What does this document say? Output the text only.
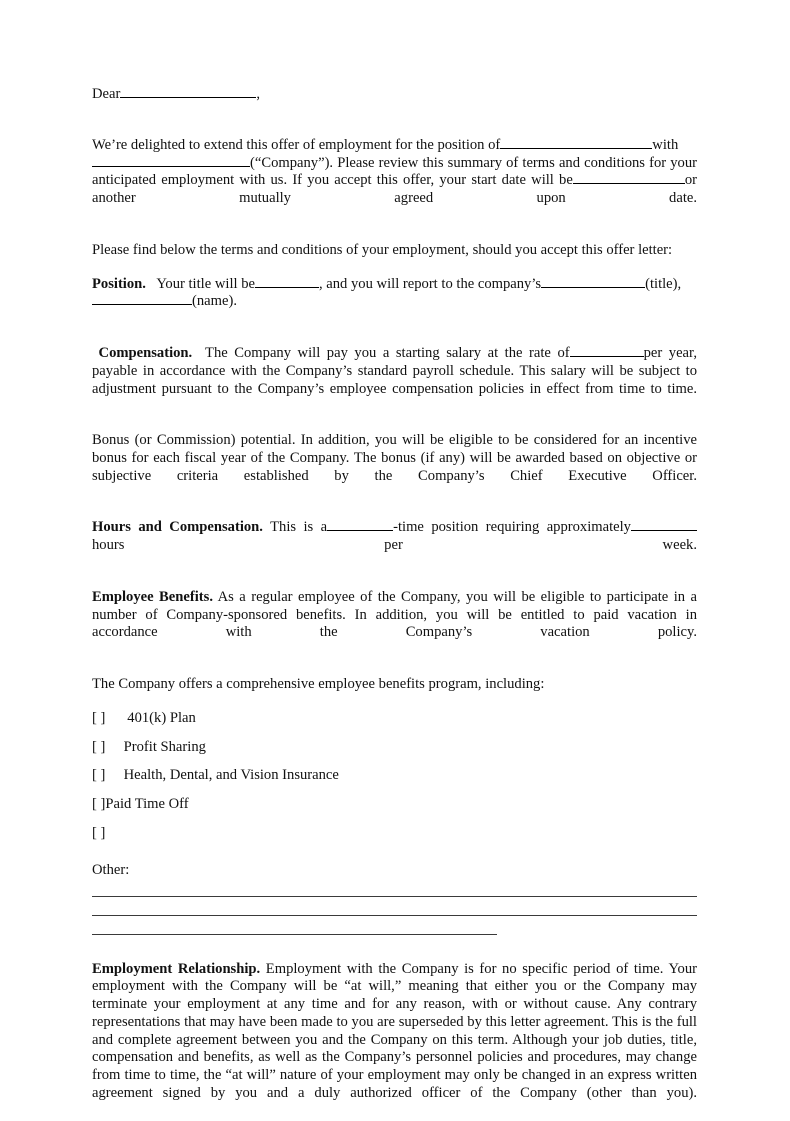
Dear	,

We’re delighted to extend this offer of employment for the position of	with
(“Company”). Please review this summary of terms and conditions for your anticipated employment with us. If you accept this offer, your start date will be	or another mutually agreed upon date.

Please find below the terms and conditions of your employment, should you accept this offer letter:

Position. Your title will be	, and you will report to the company’s	(title),
(name).

Compensation. The Company will pay you a starting salary at the rate of	per year, payable in accordance with the Company’s standard payroll schedule. This salary will be subject to adjustment pursuant to the Company’s employee compensation policies in effect from time to time.

Bonus (or Commission) potential. In addition, you will be eligible to be considered for an incentive bonus for each fiscal year of the Company. The bonus (if any) will be awarded based on objective or subjective criteria established by the Company’s Chief Executive Officer.

Hours and Compensation. This is a	-time position requiring approximatelyhours per week.

Employee Benefits. As a regular employee of the Company, you will be eligible to participate in a number of Company-sponsored benefits. In addition, you will be entitled to paid vacation in accordance with the Company’s vacation policy.

The Company offers a comprehensive employee benefits program, including:

[ ] 401(k) Plan
[ ] Profit Sharing
[ ] Health, Dental, and Vision Insurance
[ ]Paid Time Off
[ ]

Other:

Employment Relationship. Employment with the Company is for no specific period of time. Your employment with the Company will be “at will,” meaning that either you or the Company may terminate your employment at any time and for any reason, with or without cause. Any contrary representations that may have been made to you are superseded by this letter agreement. This is the full and complete agreement between you and the Company on this term. Although your job duties, title, compensation and benefits, as well as the Company’s personnel policies and procedures, may change from time to time, the “at will” nature of your employment may only be changed in an express written agreement signed by you and a duly authorized officer of the Company (other than you).
